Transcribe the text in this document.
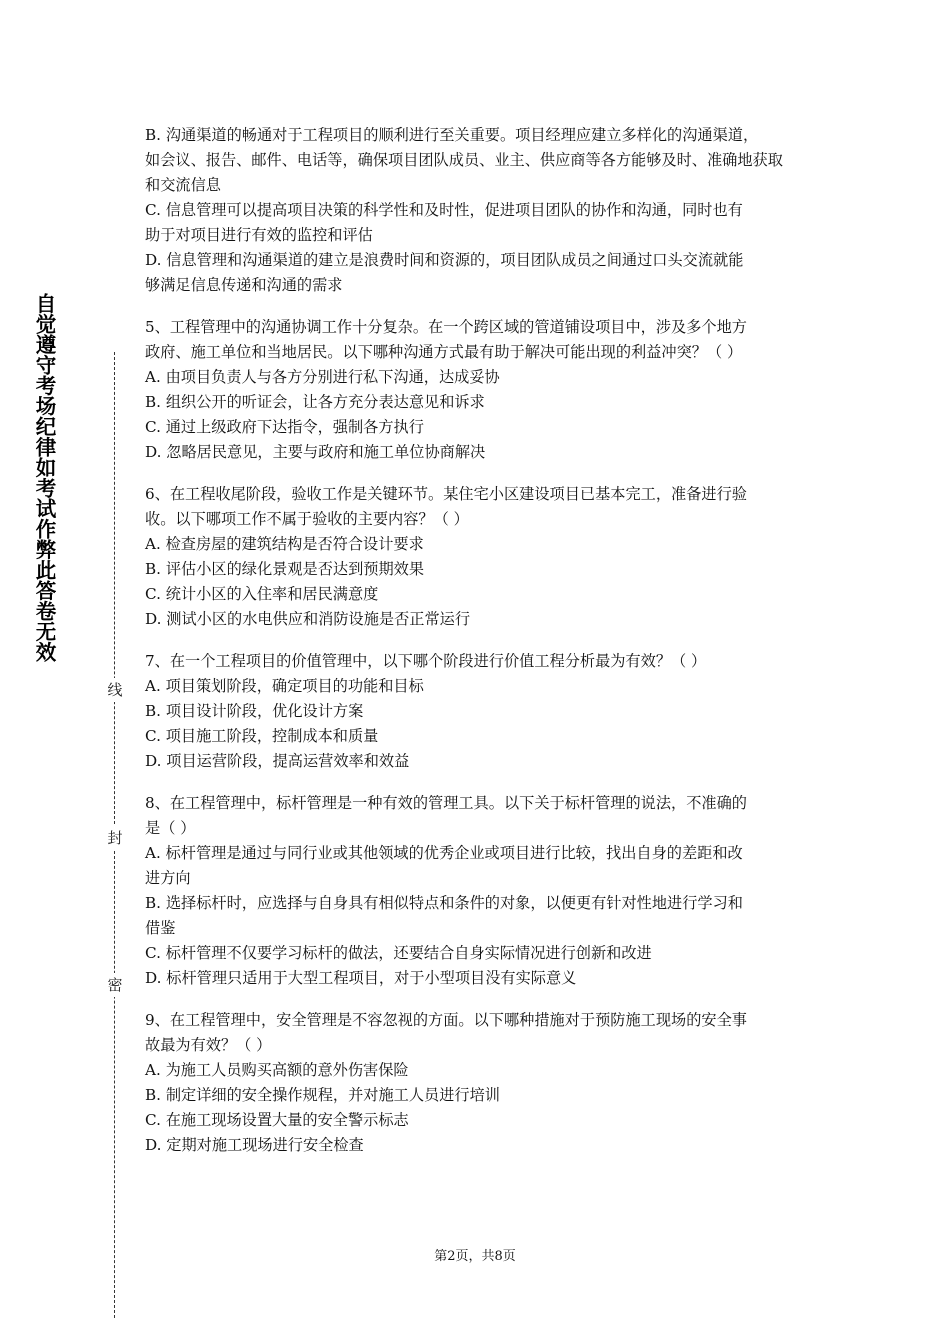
自觉遵守考场纪律如考试作弊此答卷无效
线
封
密
B. 沟通渠道的畅通对于工程项目的顺利进行至关重要。项目经理应建立多样化的沟通渠道，
如会议、报告、邮件、电话等，确保项目团队成员、业主、供应商等各方能够及时、准确地获取
和交流信息
C. 信息管理可以提高项目决策的科学性和及时性，促进项目团队的协作和沟通，同时也有
助于对项目进行有效的监控和评估
D. 信息管理和沟通渠道的建立是浪费时间和资源的，项目团队成员之间通过口头交流就能
够满足信息传递和沟通的需求
5、工程管理中的沟通协调工作十分复杂。在一个跨区域的管道铺设项目中，涉及多个地方
政府、施工单位和当地居民。以下哪种沟通方式最有助于解决可能出现的利益冲突？（ ）
A. 由项目负责人与各方分别进行私下沟通，达成妥协
B. 组织公开的听证会，让各方充分表达意见和诉求
C. 通过上级政府下达指令，强制各方执行
D. 忽略居民意见，主要与政府和施工单位协商解决
6、在工程收尾阶段，验收工作是关键环节。某住宅小区建设项目已基本完工，准备进行验
收。以下哪项工作不属于验收的主要内容？（ ）
A. 检查房屋的建筑结构是否符合设计要求
B. 评估小区的绿化景观是否达到预期效果
C. 统计小区的入住率和居民满意度
D. 测试小区的水电供应和消防设施是否正常运行
7、在一个工程项目的价值管理中，以下哪个阶段进行价值工程分析最为有效？（ ）
A. 项目策划阶段，确定项目的功能和目标
B. 项目设计阶段，优化设计方案
C. 项目施工阶段，控制成本和质量
D. 项目运营阶段，提高运营效率和效益
8、在工程管理中，标杆管理是一种有效的管理工具。以下关于标杆管理的说法，不准确的
是（ ）
A. 标杆管理是通过与同行业或其他领域的优秀企业或项目进行比较，找出自身的差距和改
进方向
B. 选择标杆时，应选择与自身具有相似特点和条件的对象，以便更有针对性地进行学习和
借鉴
C. 标杆管理不仅要学习标杆的做法，还要结合自身实际情况进行创新和改进
D. 标杆管理只适用于大型工程项目，对于小型项目没有实际意义
9、在工程管理中，安全管理是不容忽视的方面。以下哪种措施对于预防施工现场的安全事
故最为有效？（ ）
A. 为施工人员购买高额的意外伤害保险
B. 制定详细的安全操作规程，并对施工人员进行培训
C. 在施工现场设置大量的安全警示标志
D. 定期对施工现场进行安全检查
第2页，共8页
